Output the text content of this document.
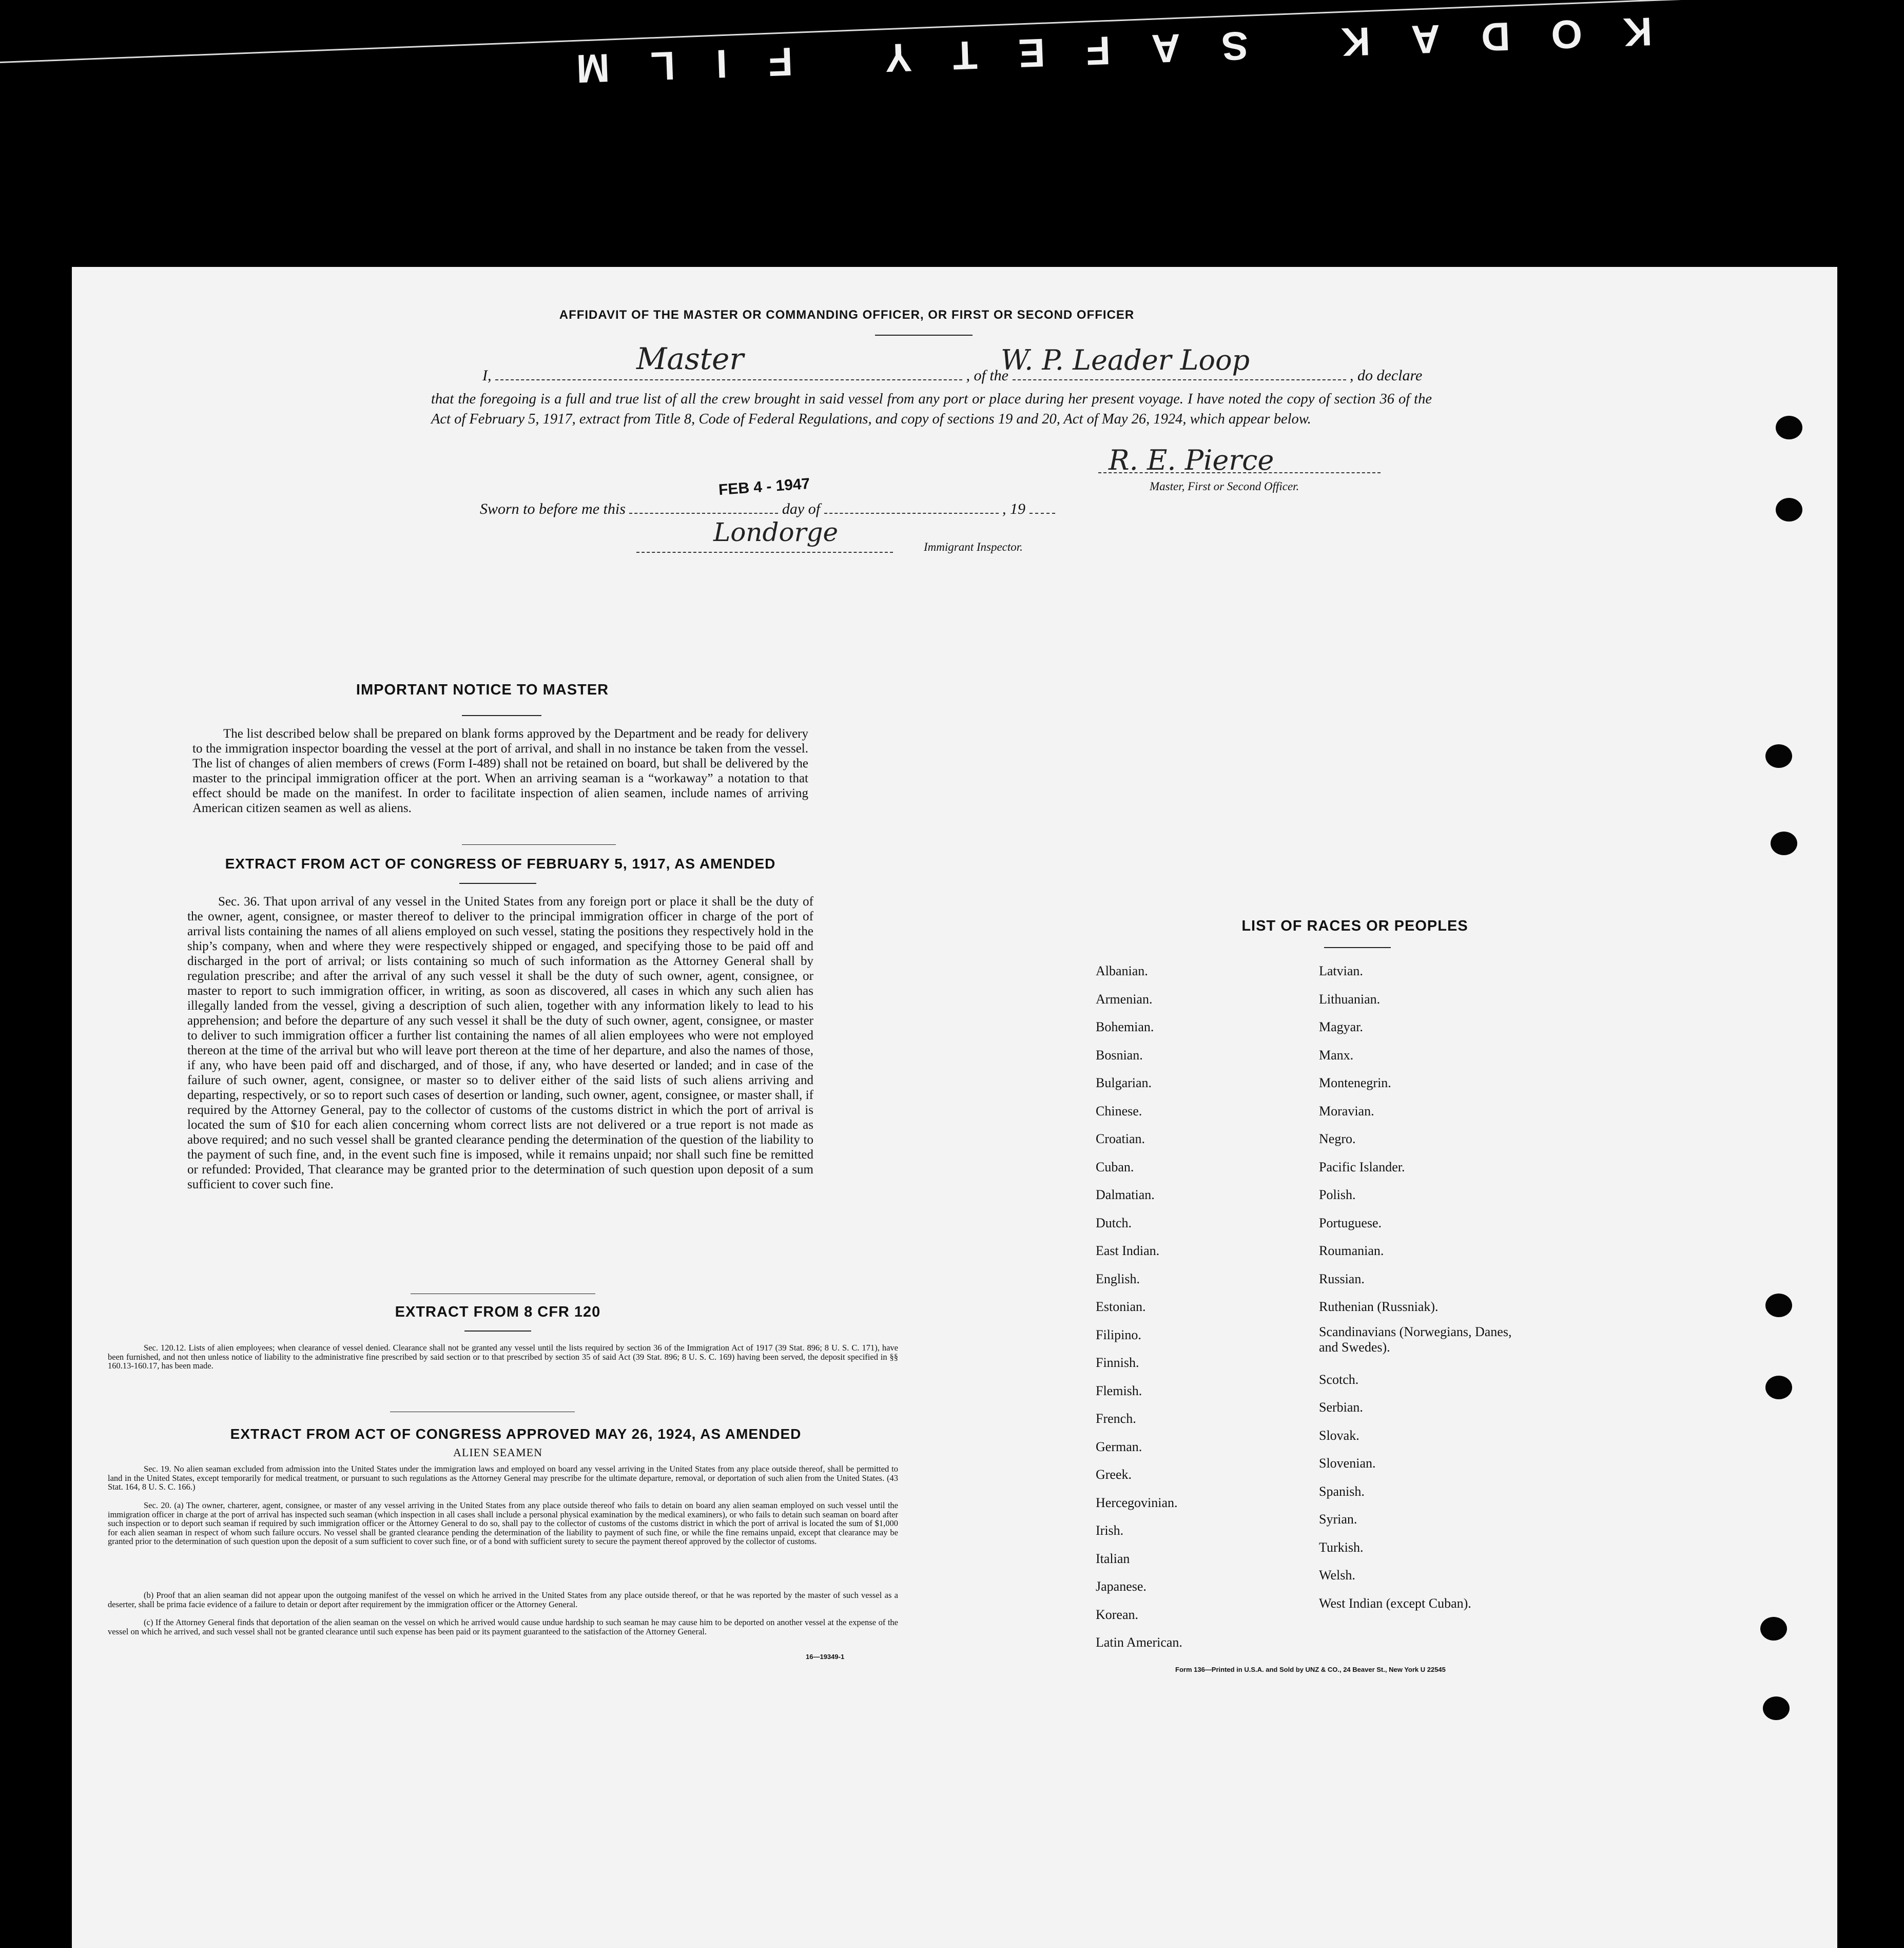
KODAK SAFETY FILM
AFFIDAVIT OF THE MASTER OR COMMANDING OFFICER, OR FIRST OR SECOND OFFICER
I,	, of the	, do declare
Master	W. P. Leader Loop
that the foregoing is a full and true list of all the crew brought in said vessel from any port or place during her present voyage. I have noted the copy of section 36 of the Act of February 5, 1917, extract from Title 8, Code of Federal Regulations, and copy of sections 19 and 20, Act of May 26, 1924, which appear below.
R. E. Pierce
Master, First or Second Officer.
Sworn to before me this	day of	, 19
FEB 4 - 1947
Londorge	Immigrant Inspector.
IMPORTANT NOTICE TO MASTER
The list described below shall be prepared on blank forms approved by the Department and be ready for delivery to the immigration inspector boarding the vessel at the port of arrival, and shall in no instance be taken from the vessel. The list of changes of alien members of crews (Form I-489) shall not be retained on board, but shall be delivered by the master to the principal immigration officer at the port. When an arriving seaman is a “workaway” a notation to that effect should be made on the manifest. In order to facilitate inspection of alien seamen, include names of arriving American citizen seamen as well as aliens.
EXTRACT FROM ACT OF CONGRESS OF FEBRUARY 5, 1917, AS AMENDED
Sec. 36. That upon arrival of any vessel in the United States from any foreign port or place it shall be the duty of the owner, agent, consignee, or master thereof to deliver to the principal immigration officer in charge of the port of arrival lists containing the names of all aliens employed on such vessel, stating the positions they respectively hold in the ship’s company, when and where they were respectively shipped or engaged, and specifying those to be paid off and discharged in the port of arrival; or lists containing so much of such information as the Attorney General shall by regulation prescribe; and after the arrival of any such vessel it shall be the duty of such owner, agent, consignee, or master to report to such immigration officer, in writing, as soon as discovered, all cases in which any such alien has illegally landed from the vessel, giving a description of such alien, together with any information likely to lead to his apprehension; and before the departure of any such vessel it shall be the duty of such owner, agent, consignee, or master to deliver to such immigration officer a further list containing the names of all alien employees who were not employed thereon at the time of the arrival but who will leave port thereon at the time of her departure, and also the names of those, if any, who have been paid off and discharged, and of those, if any, who have deserted or landed; and in case of the failure of such owner, agent, consignee, or master so to deliver either of the said lists of such aliens arriving and departing, respectively, or so to report such cases of desertion or landing, such owner, agent, consignee, or master shall, if required by the Attorney General, pay to the collector of customs of the customs district in which the port of arrival is located the sum of $10 for each alien concerning whom correct lists are not delivered or a true report is not made as above required; and no such vessel shall be granted clearance pending the determination of the question of the liability to the payment of such fine, and, in the event such fine is imposed, while it remains unpaid; nor shall such fine be remitted or refunded: Provided, That clearance may be granted prior to the determination of such question upon deposit of a sum sufficient to cover such fine.
EXTRACT FROM 8 CFR 120
Sec. 120.12. Lists of alien employees; when clearance of vessel denied. Clearance shall not be granted any vessel until the lists required by section 36 of the Immigration Act of 1917 (39 Stat. 896; 8 U. S. C. 171), have been furnished, and not then unless notice of liability to the administrative fine prescribed by said section or to that prescribed by section 35 of said Act (39 Stat. 896; 8 U. S. C. 169) having been served, the deposit specified in §§ 160.13-160.17, has been made.
EXTRACT FROM ACT OF CONGRESS APPROVED MAY 26, 1924, AS AMENDED
ALIEN SEAMEN
Sec. 19. No alien seaman excluded from admission into the United States under the immigration laws and employed on board any vessel arriving in the United States from any place outside thereof, shall be permitted to land in the United States, except temporarily for medical treatment, or pursuant to such regulations as the Attorney General may prescribe for the ultimate departure, removal, or deportation of such alien from the United States. (43 Stat. 164, 8 U. S. C. 166.)
Sec. 20. (a) The owner, charterer, agent, consignee, or master of any vessel arriving in the United States from any place outside thereof who fails to detain on board any alien seaman employed on such vessel until the immigration officer in charge at the port of arrival has inspected such seaman (which inspection in all cases shall include a personal physical examination by the medical examiners), or who fails to detain such seaman on board after such inspection or to deport such seaman if required by such immigration officer or the Attorney General to do so, shall pay to the collector of customs of the customs district in which the port of arrival is located the sum of $1,000 for each alien seaman in respect of whom such failure occurs. No vessel shall be granted clearance pending the determination of the liability to payment of such fine, or while the fine remains unpaid, except that clearance may be granted prior to the determination of such question upon the deposit of a sum sufficient to cover such fine, or of a bond with sufficient surety to secure the payment thereof approved by the collector of customs.
(b) Proof that an alien seaman did not appear upon the outgoing manifest of the vessel on which he arrived in the United States from any place outside thereof, or that he was reported by the master of such vessel as a deserter, shall be prima facie evidence of a failure to detain or deport after requirement by the immigration officer or the Attorney General.
(c) If the Attorney General finds that deportation of the alien seaman on the vessel on which he arrived would cause undue hardship to such seaman he may cause him to be deported on another vessel at the expense of the vessel on which he arrived, and such vessel shall not be granted clearance until such expense has been paid or its payment guaranteed to the satisfaction of the Attorney General.
16—19349-1
LIST OF RACES OR PEOPLES
Albanian.
Armenian.
Bohemian.
Bosnian.
Bulgarian.
Chinese.
Croatian.
Cuban.
Dalmatian.
Dutch.
East Indian.
English.
Estonian.
Filipino.
Finnish.
Flemish.
French.
German.
Greek.
Hercegovinian.
Irish.
Italian
Japanese.
Korean.
Latin American.
Latvian.
Lithuanian.
Magyar.
Manx.
Montenegrin.
Moravian.
Negro.
Pacific Islander.
Polish.
Portuguese.
Roumanian.
Russian.
Ruthenian (Russniak).
Scandinavians (Norwegians, Danes, and Swedes).
Scotch.
Serbian.
Slovak.
Slovenian.
Spanish.
Syrian.
Turkish.
Welsh.
West Indian (except Cuban).
Form 136—Printed in U.S.A. and Sold by UNZ & CO., 24 Beaver St., New York U 22545
